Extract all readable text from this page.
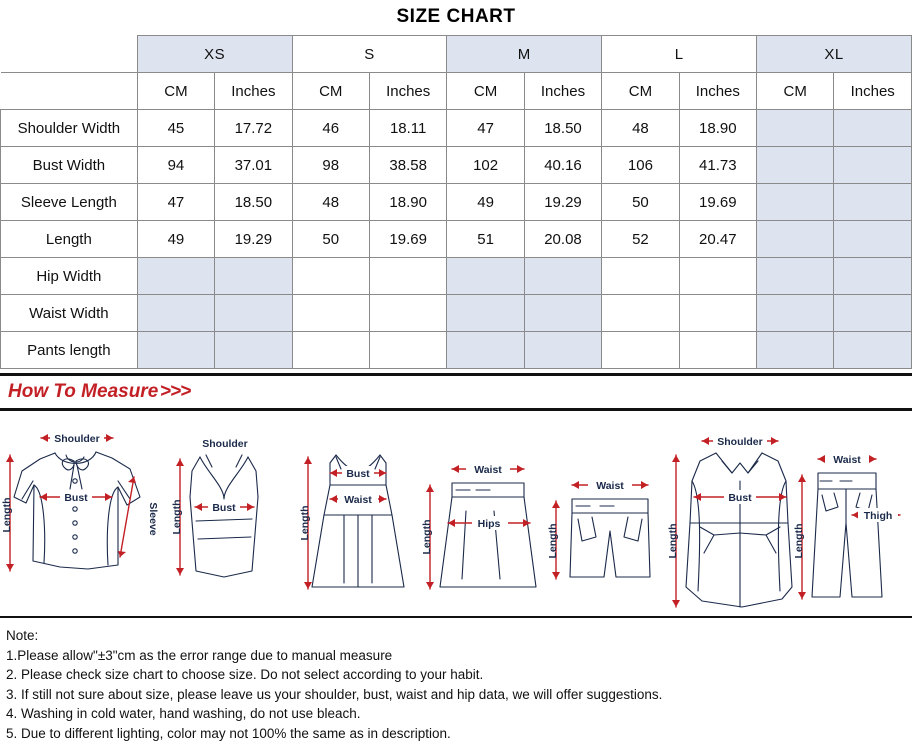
SIZE CHART
	XS		S		M		L		XL	
	CM	Inches	CM	Inches	CM	Inches	CM	Inches	CM	Inches
Shoulder Width	45	17.72	46	18.11	47	18.50	48	18.90		
Bust Width	94	37.01	98	38.58	102	40.16	106	41.73		
Sleeve Length	47	18.50	48	18.90	49	19.29	50	19.69		
Length	49	19.29	50	19.69	51	20.08	52	20.47		
Hip Width										
Waist Width										
Pants length										
How To Measure >>>
Shoulder
Bust
Sleeve
Length
Shoulder
Bust
Length
Bust
Waist
Length
Waist
Hips
Length
Waist
Length
Shoulder
Bust
Length
Waist
Thigh
Length
Note:
1.Please allow"±3"cm as the error range due to manual measure
2. Please check size chart to choose size. Do not select according to your habit.
3. If still not sure about size, please leave us your shoulder, bust, waist and hip data, we will offer suggestions.
4. Washing in cold water, hand washing, do not use bleach.
5. Due to different lighting, color may not 100% the same as in description.
